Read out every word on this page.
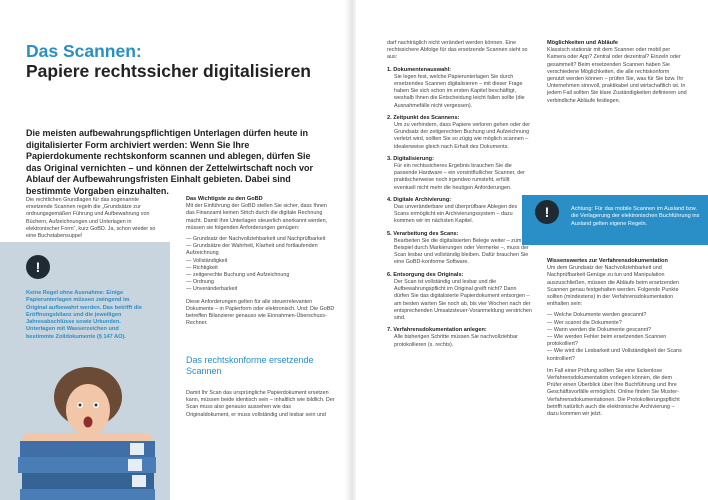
Das Scannen:
Papiere rechtssicher digitalisieren

Die meisten aufbewahrungspflichtigen Unterlagen dürfen heute in digitalisierter Form archiviert werden: Wenn Sie Ihre Papierdokumente rechtskonform scannen und ablegen, dürfen Sie das Original vernichten – und können der Zettelwirtschaft noch vor Ablauf der Aufbewahrungsfristen Einhalt gebieten. Dabei sind bestimmte Vorgaben einzuhalten.

Die rechtlichen Grundlagen für das sogenannte ersetzende Scannen regeln die „Grundsätze zur ordnungsgemäßen Führung und Aufbewahrung von Büchern, Aufzeichnungen und Unterlagen in elektronischer Form“, kurz GoBD. Ja, schon wieder so eine Buchstabensuppe!

!

Keine Regel ohne Ausnahme: Einige Papierunterlagen müssen zwingend im Original aufbewahrt werden. Das betrifft die Eröffnungsbilanz und die jeweiligen Jahresabschlüsse sowie Urkunden. Unterlagen mit Wasserzeichen und bestimmte Zolldokumente (§ 147 AO).

Das Wichtigste zu den GoBD

Mit der Einführung der GoBD stellen Sie sicher, dass Ihnen das Finanzamt keinen Strich durch die digitale Rechnung macht. Damit Ihre Unterlagen steuerlich anerkannt werden, müssen sie folgenden Anforderungen genügen:

— Grundsatz der Nachvollziehbarkeit und Nachprüfbarkeit
— Grundsätze der Wahrheit, Klarheit und fortlaufenden Aufzeichnung
— Vollständigkeit
— Richtigkeit
— zeitgerechte Buchung und Aufzeichnung
— Ordnung
— Unveränderbarkeit

Diese Anforderungen gelten für alle steuerrelevanten Dokumente – in Papierform oder elektronisch. Und: Die GoBD betreffen Bilanzierer genauso wie Einnahmen-Überschuss-Rechner.

Das rechtskonforme ersetzende Scannen

Damit Ihr Scan das ursprüngliche Papierdokument ersetzen kann, müssen beide identisch sein – inhaltlich wie bildlich. Der Scan muss also genauso aussehen wie das Originaldokument, er muss vollständig und lesbar sein und

darf nachträglich nicht verändert werden können. Eine rechtssichere Abfolge für das ersetzende Scannen sieht so aus:

1. Dokumentenauswahl:

Sie legen fest, welche Papierunterlagen Sie durch ersetzendes Scannen digitalisieren – mit dieser Frage haben Sie sich schon im ersten Kapitel beschäftigt, weshalb Ihnen die Entscheidung leicht fallen sollte (die Ausnahmefälle nicht vergessen).

2. Zeitpunkt des Scannens:

Um zu verhindern, dass Papiere verloren gehen oder der Grundsatz der zeitgerechten Buchung und Aufzeichnung verletzt wird, sollten Sie so zügig wie möglich scannen – idealerweise gleich nach Erhalt des Dokuments.

3. Digitalisierung:

Für ein rechtssicheres Ergebnis brauchen Sie die passende Hardware – ein vorsintflutlicher Scanner, der praktischerweise noch irgendwo rumsteht, erfüllt eventuell nicht mehr die heutigen Anforderungen.

4. Digitale Archivierung:

Das unveränderbare und überprüfbare Ablegen des Scans ermöglicht ein Archivierungssystem – dazu kommen wir im nächsten Kapitel.

5. Verarbeitung des Scans:

Bearbeiten Sie die digitalisierten Belege weiter – zum Beispiel durch Markierungen oder Vermerke –, muss der Scan lesbar und vollständig bleiben. Dafür brauchen Sie eine GoBD-konforme Software.

6. Entsorgung des Originals:

Der Scan ist vollständig und lesbar und die Aufbewahrungspflicht im Original greift nicht? Dann dürfen Sie das digitalisierte Papierdokument entsorgen – am besten warten Sie noch ab, bis vier Wochen nach der entsprechenden Umsatzsteuer-Voranmeldung verstrichen sind.

7. Verfahrensdokumentation anlegen:

Alle bisherigen Schritte müssen Sie nachvollziehbar protokollieren (s. rechts).

Möglichkeiten und Abläufe

Klassisch stationär mit dem Scanner oder mobil per Kamera oder App? Zentral oder dezentral? Einzeln oder gesammelt? Beim ersetzenden Scannen haben Sie verschiedene Möglichkeiten, die alle rechtskonform genutzt werden können – prüfen Sie, was für Sie bzw. Ihr Unternehmen sinnvoll, praktikabel und wirtschaftlich ist. In jedem Fall sollten Sie klare Zuständigkeiten definieren und verbindliche Abläufe festlegen.

!	Achtung: Für das mobile Scannen im Ausland bzw. die Verlagerung der elektronischen Buchführung ins Ausland gelten eigene Regeln.

Wissenswertes zur Verfahrensdokumentation

Um dem Grundsatz der Nachvollziehbarkeit und Nachprüfbarkeit Genüge zu tun und Manipulation auszuschließen, müssen die Abläufe beim ersetzenden Scannen genau festgehalten werden. Folgende Punkte sollten (mindestens) in der Verfahrensdokumentation enthalten sein:

— Welche Dokumente werden gescannt?
— Wer scannt die Dokumente?
— Wann werden die Dokumente gescannt?
— Wie werden Fehler beim ersetzenden Scannen protokolliert?
— Wie wird die Lesbarkeit und Vollständigkeit der Scans kontrolliert?

Im Fall einer Prüfung sollten Sie eine lückenlose Verfahrensdokumentation vorlegen können, die dem Prüfer einen Überblick über Ihre Buchführung und Ihre Geschäftsvorfälle ermöglicht. Online finden Sie Muster-Verfahrensdokumentationen. Die Protokollierungspflicht betrifft natürlich auch die elektronische Archivierung – dazu kommen wir jetzt.
